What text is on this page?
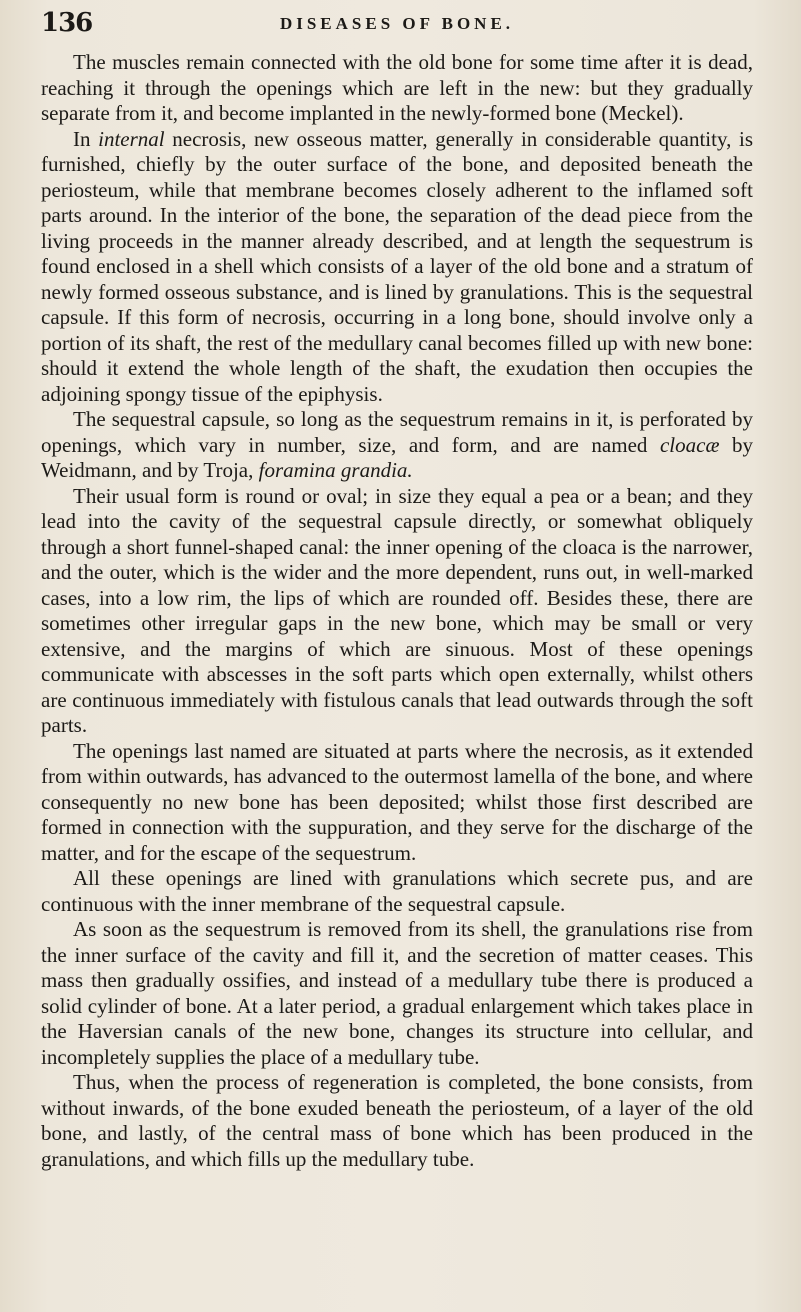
136	DISEASES OF BONE.

The muscles remain connected with the old bone for some time after it is dead, reaching it through the openings which are left in the new: but they gradually separate from it, and become implanted in the newly-formed bone (Meckel).

In internal necrosis, new osseous matter, generally in considerable quantity, is furnished, chiefly by the outer surface of the bone, and deposited beneath the periosteum, while that membrane becomes closely adherent to the inflamed soft parts around. In the interior of the bone, the separation of the dead piece from the living proceeds in the manner already described, and at length the sequestrum is found enclosed in a shell which consists of a layer of the old bone and a stratum of newly formed osseous substance, and is lined by granulations. This is the sequestral capsule. If this form of necrosis, occurring in a long bone, should involve only a portion of its shaft, the rest of the medullary canal becomes filled up with new bone: should it extend the whole length of the shaft, the exudation then occupies the adjoining spongy tissue of the epiphysis.

The sequestral capsule, so long as the sequestrum remains in it, is perforated by openings, which vary in number, size, and form, and are named cloacæ by Weidmann, and by Troja, foramina grandia.

Their usual form is round or oval; in size they equal a pea or a bean; and they lead into the cavity of the sequestral capsule directly, or somewhat obliquely through a short funnel-shaped canal: the inner opening of the cloaca is the narrower, and the outer, which is the wider and the more dependent, runs out, in well-marked cases, into a low rim, the lips of which are rounded off. Besides these, there are sometimes other irregular gaps in the new bone, which may be small or very extensive, and the margins of which are sinuous. Most of these openings communicate with abscesses in the soft parts which open externally, whilst others are continuous immediately with fistulous canals that lead outwards through the soft parts.

The openings last named are situated at parts where the necrosis, as it extended from within outwards, has advanced to the outermost lamella of the bone, and where consequently no new bone has been deposited; whilst those first described are formed in connection with the suppuration, and they serve for the discharge of the matter, and for the escape of the sequestrum.

All these openings are lined with granulations which secrete pus, and are continuous with the inner membrane of the sequestral capsule.

As soon as the sequestrum is removed from its shell, the granulations rise from the inner surface of the cavity and fill it, and the secretion of matter ceases. This mass then gradually ossifies, and instead of a medullary tube there is produced a solid cylinder of bone. At a later period, a gradual enlargement which takes place in the Haversian canals of the new bone, changes its structure into cellular, and incompletely supplies the place of a medullary tube.

Thus, when the process of regeneration is completed, the bone consists, from without inwards, of the bone exuded beneath the periosteum, of a layer of the old bone, and lastly, of the central mass of bone which has been produced in the granulations, and which fills up the medullary tube.
